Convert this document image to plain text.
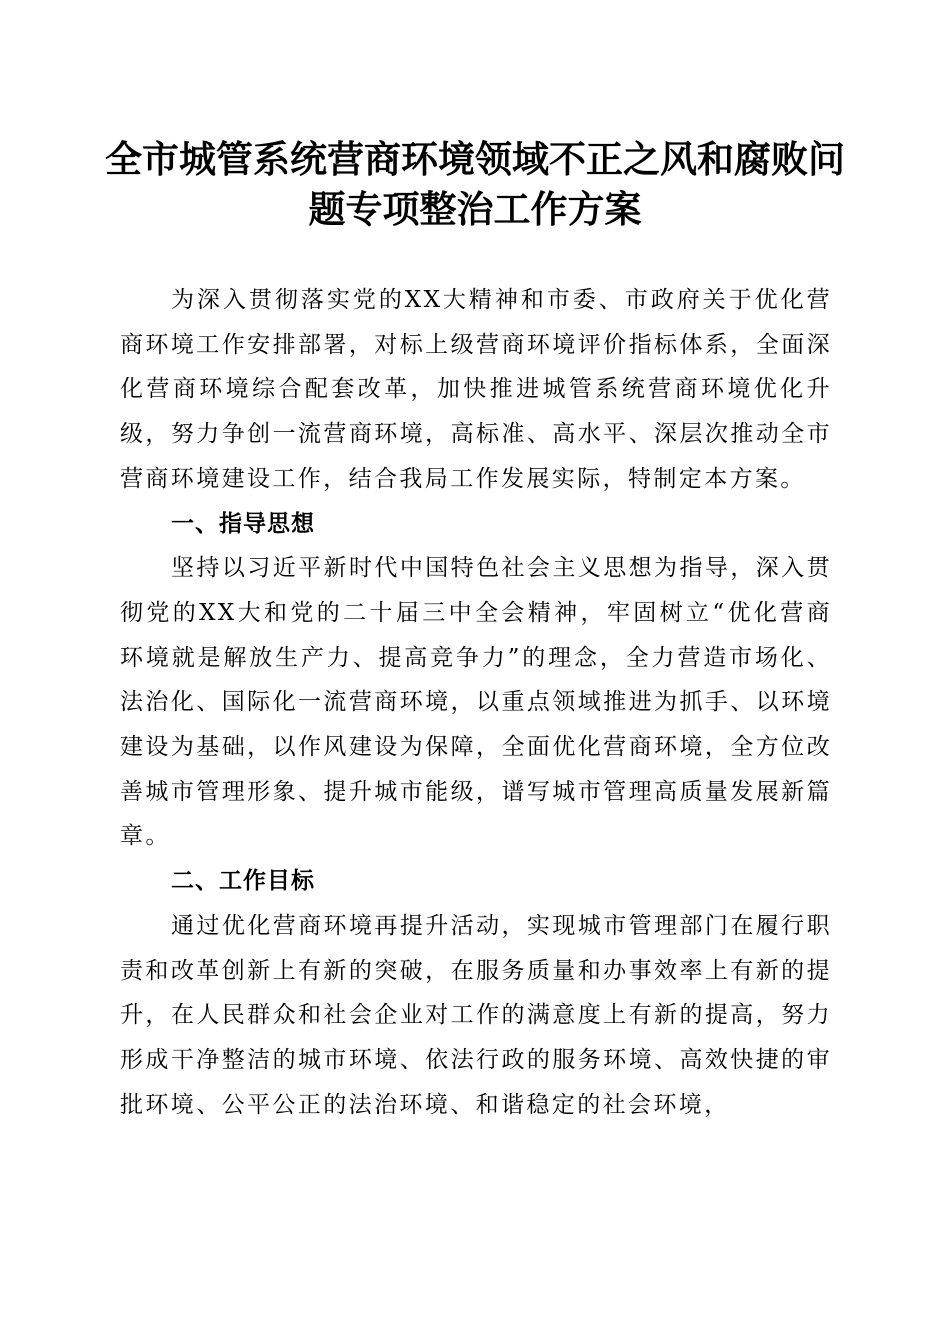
全市城管系统营商环境领域不正之风和腐败问
题专项整治工作方案

为深入贯彻落实党的XX大精神和市委、市政府关于优化营商环境工作安排部署，对标上级营商环境评价指标体系，全面深化营商环境综合配套改革，加快推进城管系统营商环境优化升级，努力争创一流营商环境，高标准、高水平、深层次推动全市营商环境建设工作，结合我局工作发展实际，特制定本方案。

一、指导思想

坚持以习近平新时代中国特色社会主义思想为指导，深入贯彻党的XX大和党的二十届三中全会精神，牢固树立“优化营商环境就是解放生产力、提高竞争力”的理念，全力营造市场化、法治化、国际化一流营商环境，以重点领域推进为抓手、以环境建设为基础，以作风建设为保障，全面优化营商环境，全方位改善城市管理形象、提升城市能级，谱写城市管理高质量发展新篇章。

二、工作目标

通过优化营商环境再提升活动，实现城市管理部门在履行职责和改革创新上有新的突破，在服务质量和办事效率上有新的提升，在人民群众和社会企业对工作的满意度上有新的提高，努力形成干净整洁的城市环境、依法行政的服务环境、高效快捷的审批环境、公平公正的法治环境、和谐稳定的社会环境，
